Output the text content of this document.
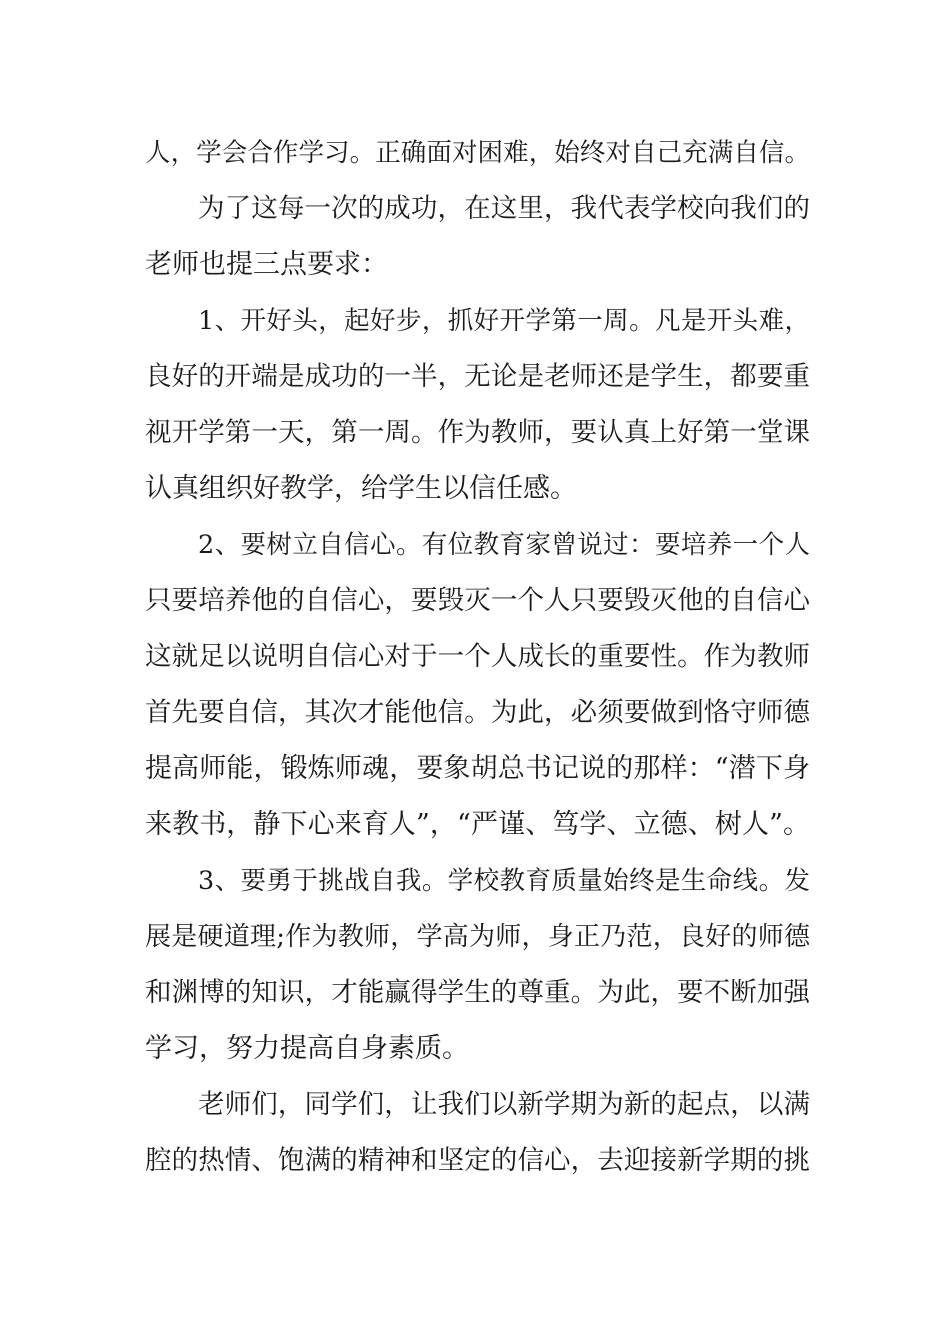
人，学会合作学习。正确面对困难，始终对自己充满自信。
为了这每一次的成功，在这里，我代表学校向我们的
老师也提三点要求：
1、开好头，起好步，抓好开学第一周。凡是开头难，
良好的开端是成功的一半，无论是老师还是学生，都要重
视开学第一天，第一周。作为教师，要认真上好第一堂课
认真组织好教学，给学生以信任感。
2、要树立自信心。有位教育家曾说过：要培养一个人
只要培养他的自信心，要毁灭一个人只要毁灭他的自信心
这就足以说明自信心对于一个人成长的重要性。作为教师
首先要自信，其次才能他信。为此，必须要做到恪守师德
提高师能，锻炼师魂，要象胡总书记说的那样：“潜下身
来教书，静下心来育人”，“严谨、笃学、立德、树人”。
3、要勇于挑战自我。学校教育质量始终是生命线。发
展是硬道理;作为教师，学高为师，身正乃范，良好的师德
和渊博的知识，才能赢得学生的尊重。为此，要不断加强
学习，努力提高自身素质。
老师们，同学们，让我们以新学期为新的起点，以满
腔的热情、饱满的精神和坚定的信心，去迎接新学期的挑
